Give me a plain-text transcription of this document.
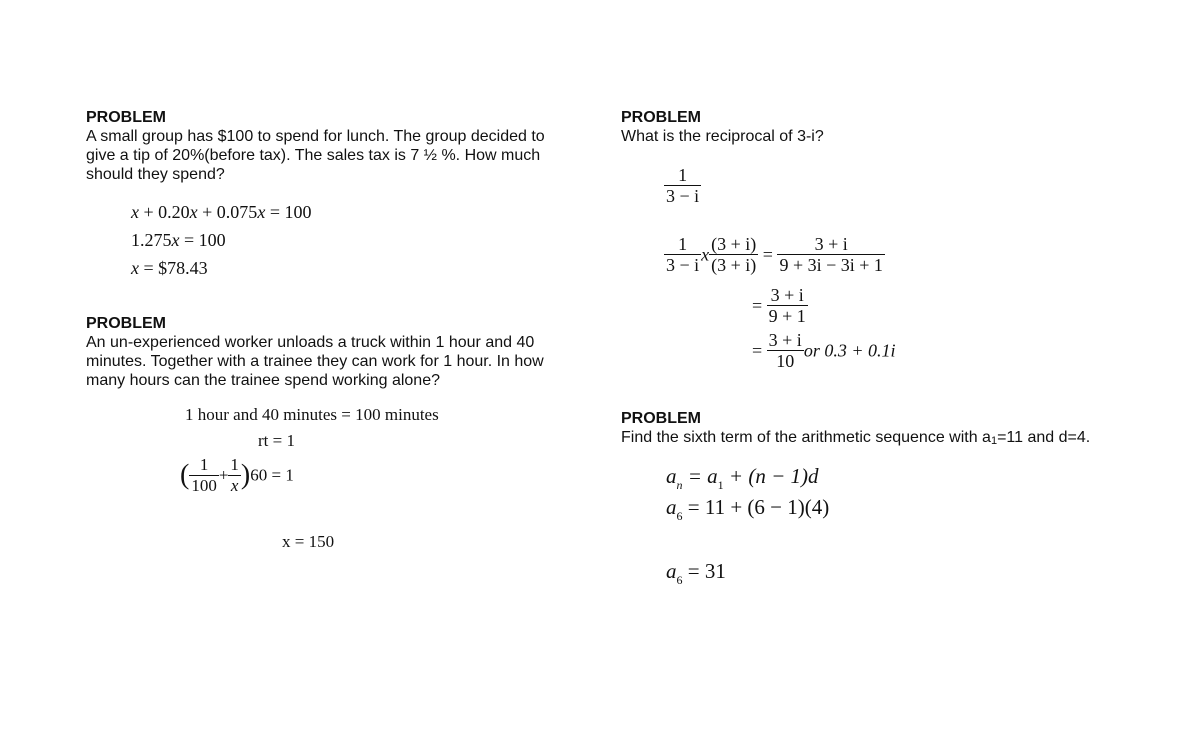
PROBLEM
A small group has $100 to spend for lunch. The group decided to give a tip of 20%(before tax). The sales tax is 7 ½ %. How much should they spend?
x + 0.20x + 0.075x = 100
1.275x = 100
x = $78.43
PROBLEM
An un-experienced worker unloads a truck within 1 hour and 40 minutes. Together with a trainee they can work for 1 hour. In how many hours can the trainee spend working alone?
1 hour and 40 minutes = 100 minutes
rt = 1
( $\frac{1}{100} + \frac{1}{x} )60 = 1$
x = 150
PROBLEM
What is the reciprocal of 3-i?
$\frac{1}{3 - i}$
$\frac{1}{3 - i}$ x $\frac{(3 + i)}{(3 + i)} = \frac{3 + i}{9 + 3i - 3i + 1}$
= $\frac{3 + i}{9 + 1}$
= $\frac{3 + i}{10}$ or 0.3 + 0.1i
PROBLEM
Find the sixth term of the arithmetic sequence with a1=11 and d=4.
$a_n = a_1 + (n - 1)d$
$a_6 = 11 + (6 - 1)(4)$
$a_6 = 31$
